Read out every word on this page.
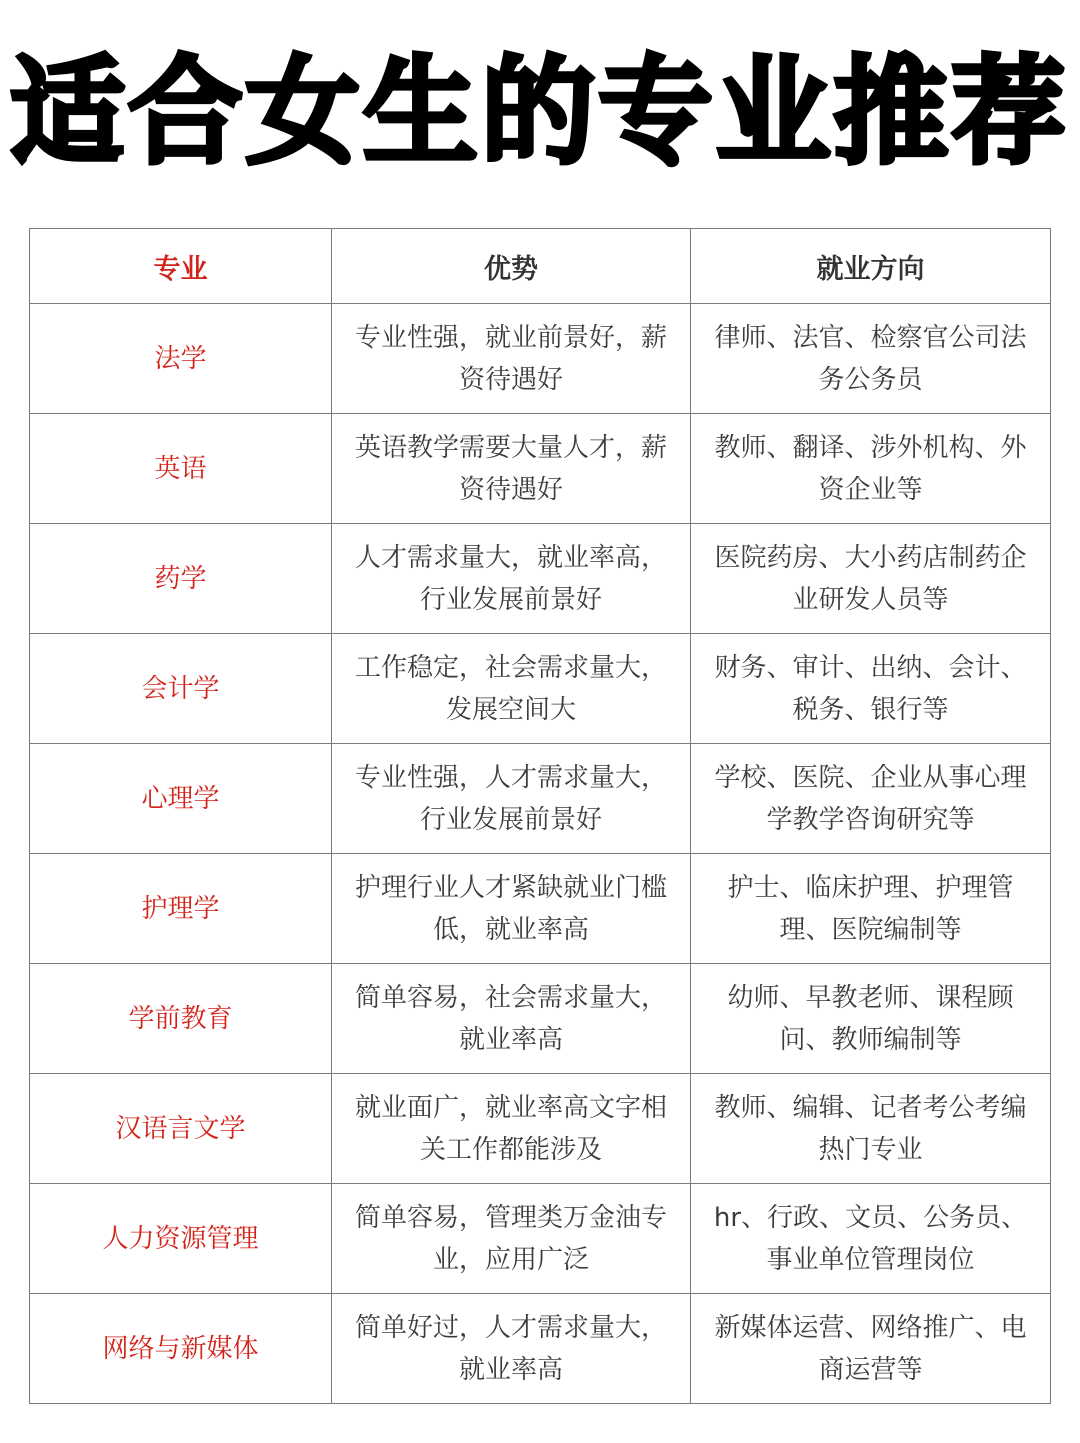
适合女生的专业推荐
专业	优势	就业方向
法学	专业性强，就业前景好，薪资待遇好	律师、法官、检察官公司法务公务员
英语	英语教学需要大量人才，薪资待遇好	教师、翻译、涉外机构、外资企业等
药学	人才需求量大，就业率高，行业发展前景好	医院药房、大小药店制药企业研发人员等
会计学	工作稳定，社会需求量大，发展空间大	财务、审计、出纳、会计、税务、银行等
心理学	专业性强，人才需求量大，行业发展前景好	学校、医院、企业从事心理学教学咨询研究等
护理学	护理行业人才紧缺就业门槛低，就业率高	护士、临床护理、护理管理、医院编制等
学前教育	简单容易，社会需求量大，就业率高	幼师、早教老师、课程顾问、教师编制等
汉语言文学	就业面广，就业率高文字相关工作都能涉及	教师、编辑、记者考公考编热门专业
人力资源管理	简单容易，管理类万金油专业，应用广泛	hr、行政、文员、公务员、事业单位管理岗位
网络与新媒体	简单好过，人才需求量大，就业率高	新媒体运营、网络推广、电商运营等
